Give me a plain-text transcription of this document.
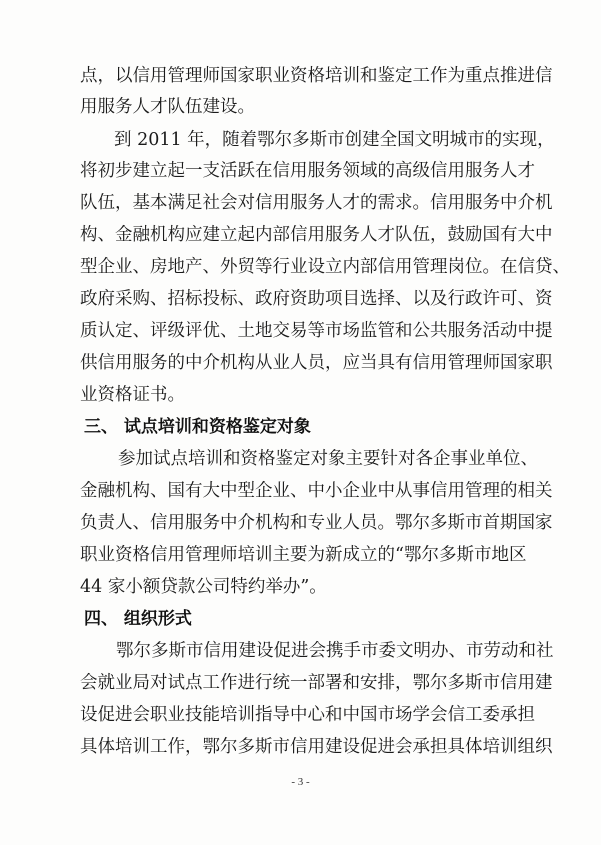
点，以信用管理师国家职业资格培训和鉴定工作为重点推进信
用服务人才队伍建设。
到 2011 年，随着鄂尔多斯市创建全国文明城市的实现，
将初步建立起一支活跃在信用服务领域的高级信用服务人才
队伍，基本满足社会对信用服务人才的需求。信用服务中介机
构、金融机构应建立起内部信用服务人才队伍，鼓励国有大中
型企业、房地产、外贸等行业设立内部信用管理岗位。在信贷、
政府采购、招标投标、政府资助项目选择、以及行政许可、资
质认定、评级评优、土地交易等市场监管和公共服务活动中提
供信用服务的中介机构从业人员，应当具有信用管理师国家职
业资格证书。
三、 试点培训和资格鉴定对象
参加试点培训和资格鉴定对象主要针对各企事业单位、
金融机构、国有大中型企业、中小企业中从事信用管理的相关
负责人、信用服务中介机构和专业人员。鄂尔多斯市首期国家
职业资格信用管理师培训主要为新成立的“鄂尔多斯市地区
44 家小额贷款公司特约举办”。
四、 组织形式
鄂尔多斯市信用建设促进会携手市委文明办、市劳动和社
会就业局对试点工作进行统一部署和安排，鄂尔多斯市信用建
设促进会职业技能培训指导中心和中国市场学会信工委承担
具体培训工作，鄂尔多斯市信用建设促进会承担具体培训组织
- 3 -
